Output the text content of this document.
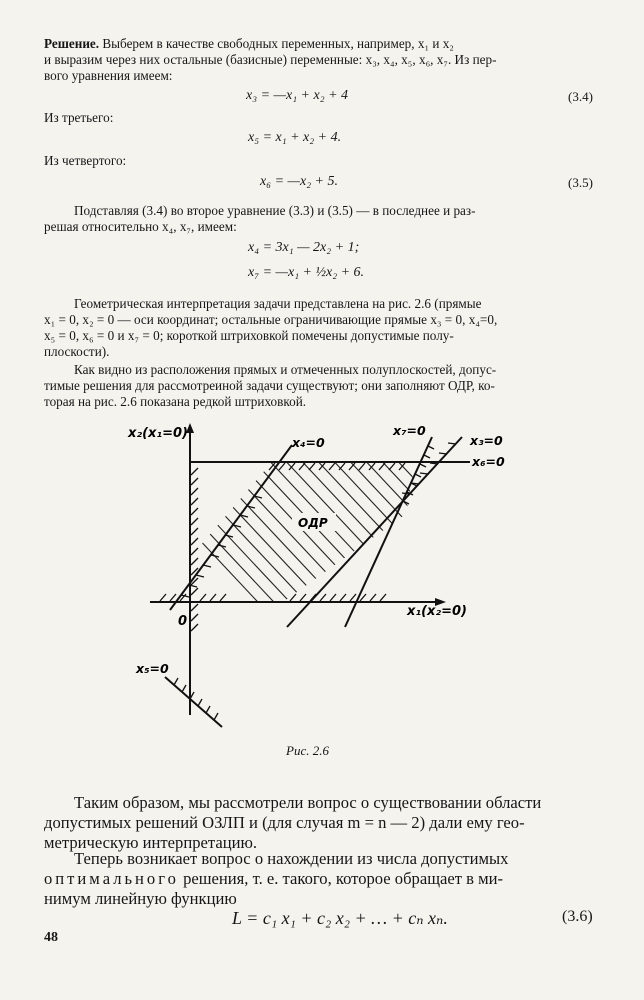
Решение. Выберем в качестве свободных переменных, например, x₁ и x₂
и выразим через них остальные (базисные) переменные: x₃, x₄, x₅, x₆, x₇. Из пер-
вого уравнения имеем:
x₃ = —x₁ + x₂ + 4	(3.4)
Из третьего:
x₅ = x₁ + x₂ + 4.
Из четвертого:
x₆ = —x₂ + 5.	(3.5)
Подставляя (3.4) во второе уравнение (3.3) и (3.5) — в последнее и раз-
решая относительно x₄, x₇, имеем:
x₄ = 3x₁ — 2x₂ + 1;
x₇ = —x₁ + ½x₂ + 6.
Геометрическая интерпретация задачи представлена на рис. 2.6 (прямые
x₁ = 0, x₂ = 0 — оси координат; остальные ограничивающие прямые x₃ = 0, x₄=0,
x₅ = 0, x₆ = 0 и x₇ = 0; короткой штриховкой помечены допустимые полу-
плоскости).
Как видно из расположения прямых и отмеченных полуплоскостей, допус-
тимые решения для рассмотреиной задачи существуют; они заполняют ОДР, ко-
торая на рис. 2.6 показана редкой штриховкой.
x₂(x₁=0)
x₁(x₂=0)
0
x₄=0
x₇=0
x₃=0
x₆=0
x₅=0
ОДР
Рис. 2.6
Таким образом, мы рассмотрели вопрос о существовании области
допустимых решений ОЗЛП и (для случая m = n — 2) дали ему гео-
метрическую интерпретацию.
Теперь возникает вопрос о нахождении из числа допустимых
оптимального решения, т. е. такого, которое обращает в ми-
нимум линейную функцию
L = c₁ x₁ + c₂ x₂ + … + cₙ xₙ.	(3.6)
48
